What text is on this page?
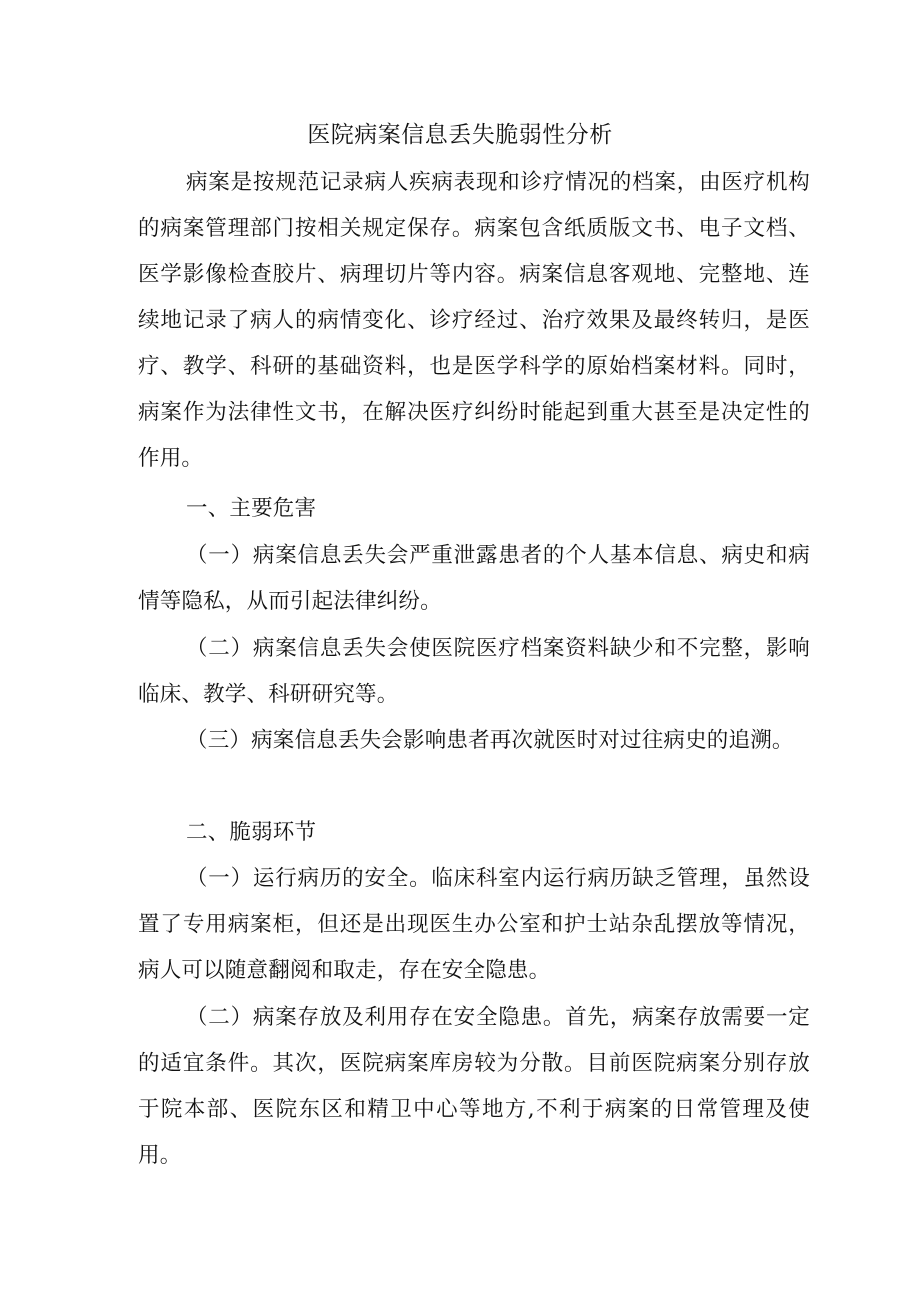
医院病案信息丢失脆弱性分析

病案是按规范记录病人疾病表现和诊疗情况的档案，由医疗机构的病案管理部门按相关规定保存。病案包含纸质版文书、电子文档、医学影像检查胶片、病理切片等内容。病案信息客观地、完整地、连续地记录了病人的病情变化、诊疗经过、治疗效果及最终转归，是医疗、教学、科研的基础资料，也是医学科学的原始档案材料。同时，病案作为法律性文书，在解决医疗纠纷时能起到重大甚至是决定性的作用。

一、主要危害

（一）病案信息丢失会严重泄露患者的个人基本信息、病史和病情等隐私，从而引起法律纠纷。

（二）病案信息丢失会使医院医疗档案资料缺少和不完整，影响临床、教学、科研研究等。

（三）病案信息丢失会影响患者再次就医时对过往病史的追溯。

二、脆弱环节

（一）运行病历的安全。临床科室内运行病历缺乏管理，虽然设置了专用病案柜，但还是出现医生办公室和护士站杂乱摆放等情况，病人可以随意翻阅和取走，存在安全隐患。

（二）病案存放及利用存在安全隐患。首先，病案存放需要一定的适宜条件。其次，医院病案库房较为分散。目前医院病案分别存放于院本部、医院东区和精卫中心等地方,不利于病案的日常管理及使用。
